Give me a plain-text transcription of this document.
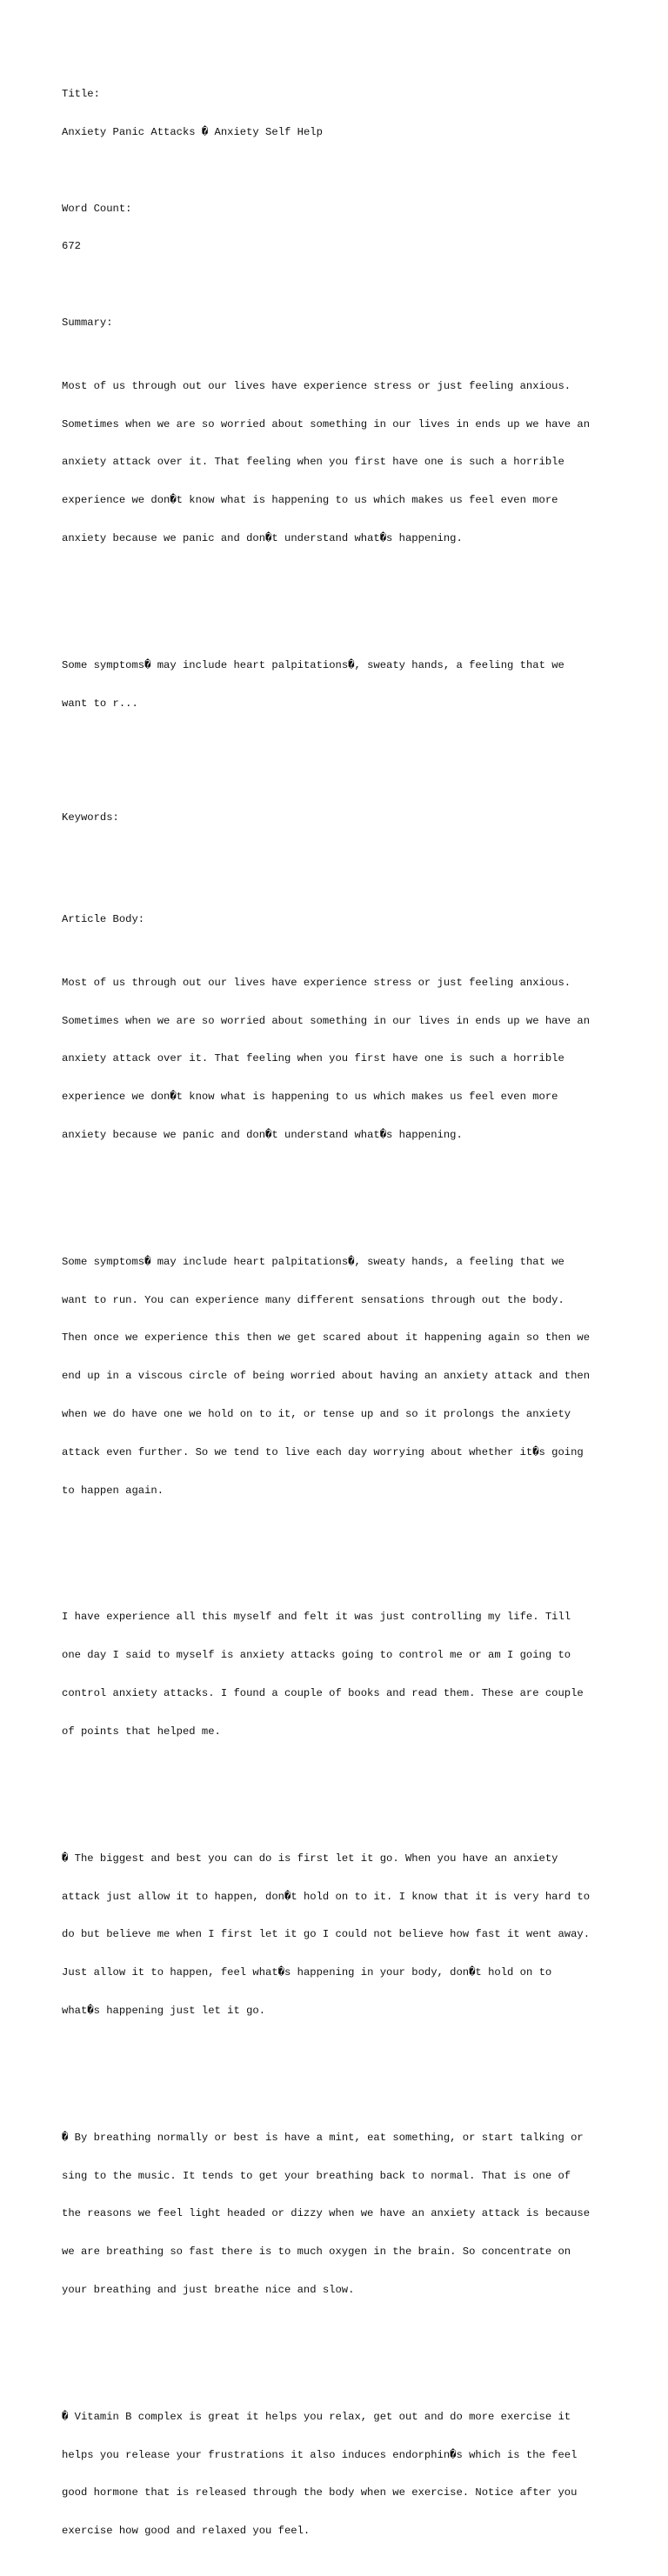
Title:

Anxiety Panic Attacks � Anxiety Self Help

Word Count:

672

Summary:

Most of us through out our lives have experience stress or just feeling anxious.

Sometimes when we are so worried about something in our lives in ends up we have an

anxiety attack over it. That feeling when you first have one is such a horrible

experience we don�t know what is happening to us which makes us feel even more

anxiety because we panic and don�t understand what�s happening.

Some symptoms� may include heart palpitations�, sweaty hands, a feeling that we

want to r...

Keywords:

Article Body:

Most of us through out our lives have experience stress or just feeling anxious.

Sometimes when we are so worried about something in our lives in ends up we have an

anxiety attack over it. That feeling when you first have one is such a horrible

experience we don�t know what is happening to us which makes us feel even more

anxiety because we panic and don�t understand what�s happening.

Some symptoms� may include heart palpitations�, sweaty hands, a feeling that we

want to run. You can experience many different sensations through out the body.

Then once we experience this then we get scared about it happening again so then we

end up in a viscous circle of being worried about having an anxiety attack and then

when we do have one we hold on to it, or tense up and so it prolongs the anxiety

attack even further. So we tend to live each day worrying about whether it�s going

to happen again.

I have experience all this myself and felt it was just controlling my life. Till

one day I said to myself is anxiety attacks going to control me or am I going to

control anxiety attacks. I found a couple of books and read them. These are couple

of points that helped me.

� The biggest and best you can do is first let it go. When you have an anxiety

attack just allow it to happen, don�t hold on to it. I know that it is very hard to

do but believe me when I first let it go I could not believe how fast it went away.

Just allow it to happen, feel what�s happening in your body, don�t hold on to

what�s happening just let it go.

� By breathing normally or best is have a mint, eat something, or start talking or

sing to the music. It tends to get your breathing back to normal. That is one of

the reasons we feel light headed or dizzy when we have an anxiety attack is because

we are breathing so fast there is to much oxygen in the brain. So concentrate on

your breathing and just breathe nice and slow.

� Vitamin B complex is great it helps you relax, get out and do more exercise it

helps you release your frustrations it also induces endorphin�s which is the feel

good hormone that is released through the body when we exercise. Notice after you

exercise how good and relaxed you feel.
